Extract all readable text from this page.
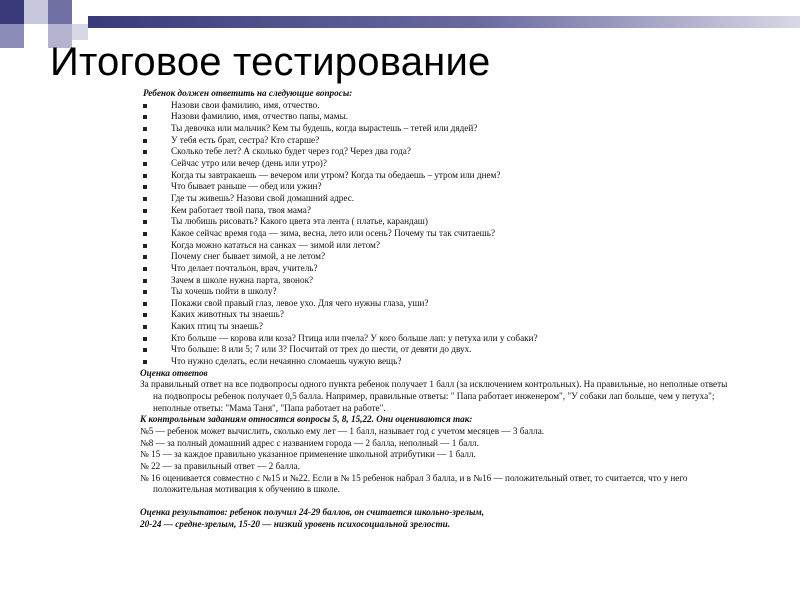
Итоговое тестирование
Ребенок должен ответить на следующие вопросы:
Назови свои фамилию, имя, отчество.
Назови фамилию, имя, отчество папы, мамы.
Ты девочка или мальчик? Кем ты будешь, когда вырастешь – тетей или дядей?
У тебя есть брат, сестра? Кто старше?
Сколько тебе лет? А сколько будет через год? Через два года?
Сейчас утро или вечер (день или утро)?
Когда ты завтракаешь — вечером или утром? Когда ты обедаешь – утром или днем?
Что бывает раньше — обед или ужин?
Где ты живешь? Назови свой домашний адрес.
Кем работает твой папа, твоя мама?
Ты любишь рисовать? Какого цвета эта лента ( платье, карандаш)
Какое сейчас время года — зима, весна, лето или осень? Почему ты так считаешь?
Когда можно кататься на санках — зимой или летом?
Почему снег бывает зимой, а не летом?
Что делает почтальон, врач, учитель?
Зачем в школе нужна парта, звонок?
Ты хочешь пойти в школу?
Покажи свой правый глаз, левое ухо. Для чего нужны глаза, уши?
Каких животных ты знаешь?
Каких птиц ты знаешь?
Кто больше — корова или коза? Птица или пчела? У кого больше лап: у петуха или у собаки?
Что больше: 8 или 5; 7 или 3? Посчитай от трех до шести, от девяти до двух.
Что нужно сделать, если нечаянно сломаешь чужую вещь?
Оценка ответов
За правильный ответ на все подвопросы одного пункта ребенок получает 1 балл (за исключением контрольных). На правильные, но неполные ответы на подвопросы ребенок получает 0,5 балла. Например, правильные ответы: " Папа работает инженером", "У собаки лап больше, чем у петуха"; неполные ответы: "Мама Таня", "Папа работает на работе".
К контрольным заданиям относятся вопросы 5, 8, 15,22. Они оцениваются так:
№5 — ребенок может вычислить, сколько ему лет — 1 балл, называет год с учетом месяцев — 3 балла.
№8 — за полный домашний адрес с названием города — 2 балла, неполный — 1 балл.
№ 15 — за каждое правильно указанное применение школьной атрибутики — 1 балл.
№ 22 — за правильный ответ — 2 балла.
№ 16 оценивается совместно с №15 и №22. Если в № 15 ребенок набрал 3 балла, и в №16 — положительный ответ, то считается, что у него положительная мотивация к обучению в школе.
Оценка результатов: ребенок получил 24-29 баллов, он считается школьно-зрелым,
20-24 — средне-зрелым, 15-20 — низкий уровень психосоциальной зрелости.
